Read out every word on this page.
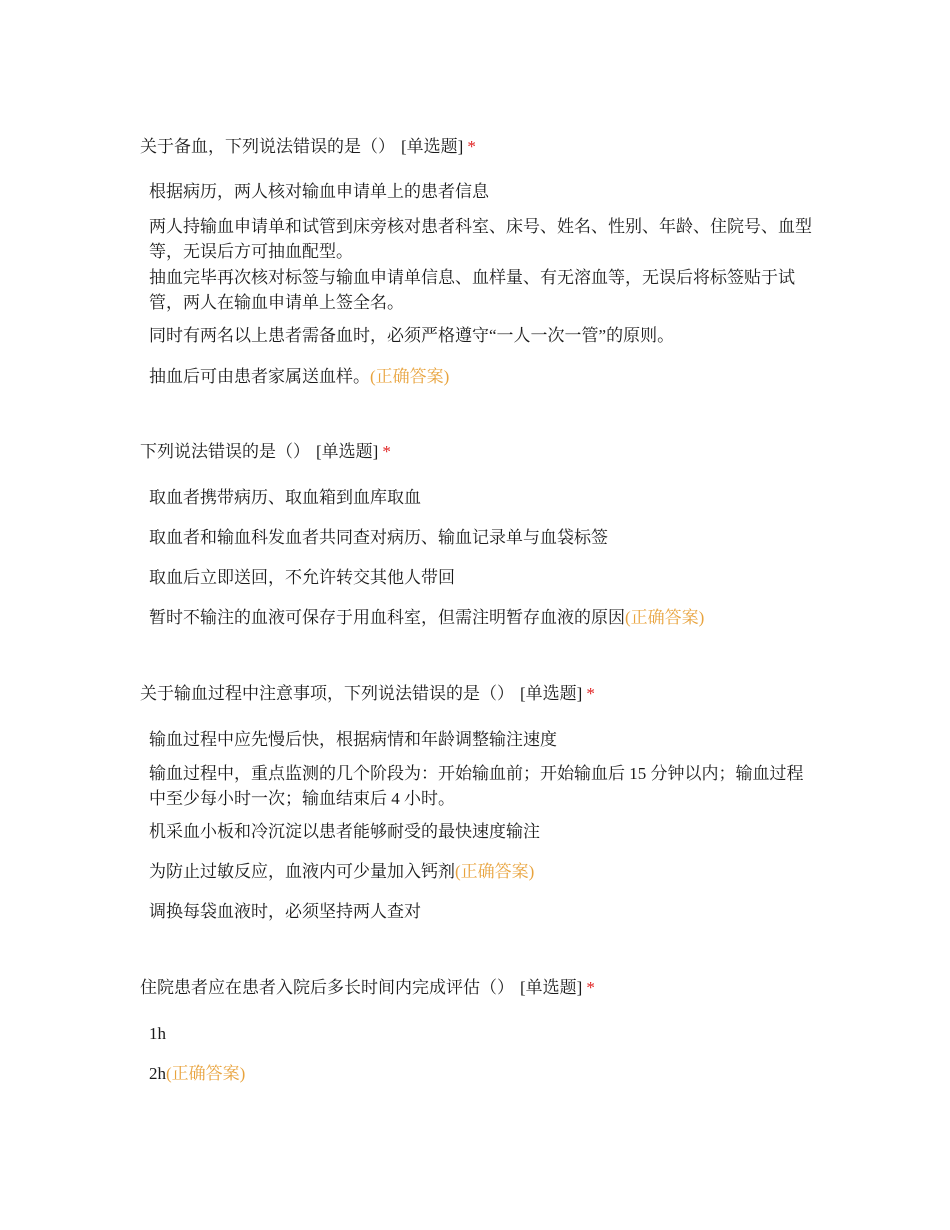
关于备血，下列说法错误的是（） [单选题] *

根据病历，两人核对输血申请单上的患者信息
两人持输血申请单和试管到床旁核对患者科室、床号、姓名、性别、年龄、住院号、血型等，无误后方可抽血配型。
抽血完毕再次核对标签与输血申请单信息、血样量、有无溶血等，无误后将标签贴于试管，两人在输血申请单上签全名。
同时有两名以上患者需备血时，必须严格遵守“一人一次一管”的原则。
抽血后可由患者家属送血样。(正确答案)

下列说法错误的是（） [单选题] *

取血者携带病历、取血箱到血库取血
取血者和输血科发血者共同查对病历、输血记录单与血袋标签
取血后立即送回，不允许转交其他人带回
暂时不输注的血液可保存于用血科室，但需注明暂存血液的原因(正确答案)

关于输血过程中注意事项，下列说法错误的是（） [单选题] *

输血过程中应先慢后快，根据病情和年龄调整输注速度
输血过程中，重点监测的几个阶段为：开始输血前；开始输血后 15 分钟以内；输血过程中至少每小时一次；输血结束后 4 小时。
机采血小板和冷沉淀以患者能够耐受的最快速度输注
为防止过敏反应，血液内可少量加入钙剂(正确答案)
调换每袋血液时，必须坚持两人查对

住院患者应在患者入院后多长时间内完成评估（） [单选题] *

1h
2h(正确答案)
